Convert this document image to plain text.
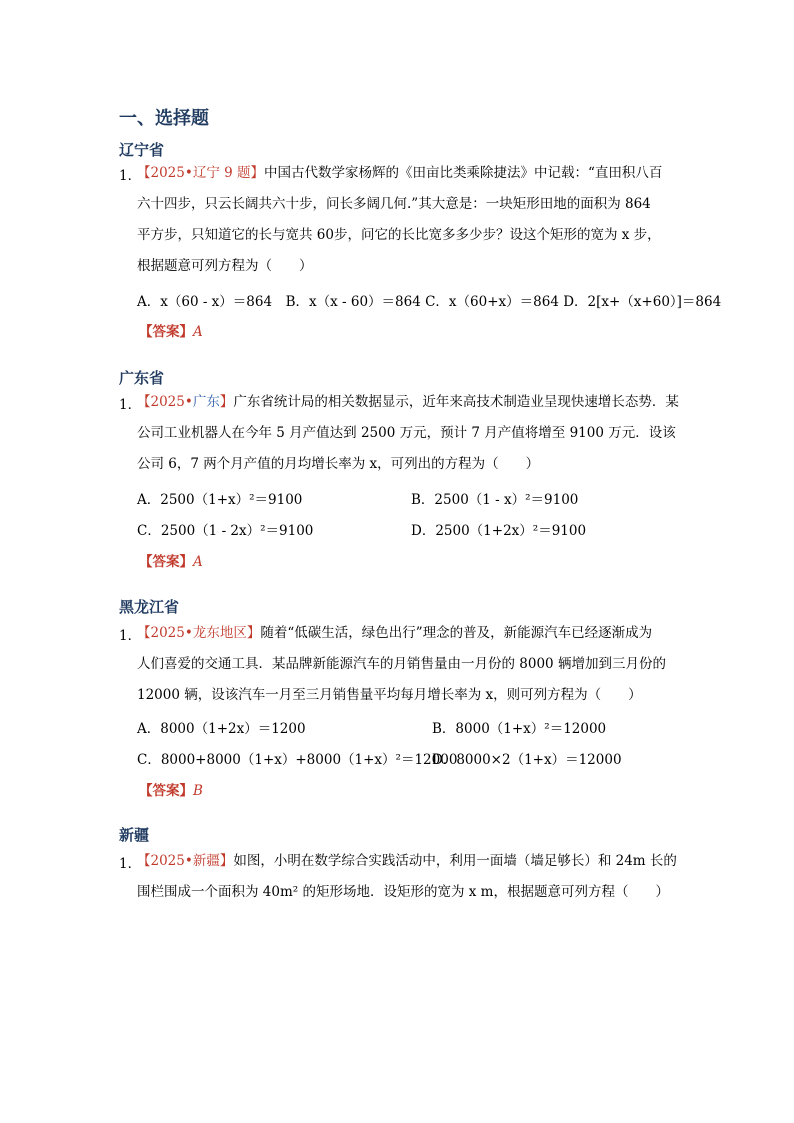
一、选择题
辽宁省
1．
【2025•辽宁 9 题】中国古代数学家杨辉的《田亩比类乘除捷法》中记载：“直田积八百
六十四步，只云长阔共六十步，问长多阔几何.”其大意是：一块矩形田地的面积为 864
平方步，只知道它的长与宽共 60步，问它的长比宽多多少步？设这个矩形的宽为 x 步，
根据题意可列方程为（　　）
A．x（60 - x）＝864　B．x（x - 60）＝864 C．x（60+x）＝864 D．2[x+（x+60）]＝864
【答案】A
广东省
1．
【2025•广东】广东省统计局的相关数据显示，近年来高技术制造业呈现快速增长态势．某
公司工业机器人在今年 5 月产值达到 2500 万元，预计 7 月产值将增至 9100 万元．设该
公司 6，7 两个月产值的月均增长率为 x，可列出的方程为（　　）
A．2500（1+x）²＝9100	B．2500（1 - x）²＝9100
C．2500（1 - 2x）²＝9100	D．2500（1+2x）²＝9100
【答案】A
黑龙江省
1．
【2025•龙东地区】随着“低碳生活，绿色出行”理念的普及，新能源汽车已经逐渐成为
人们喜爱的交通工具．某品牌新能源汽车的月销售量由一月份的 8000 辆增加到三月份的
12000 辆，设该汽车一月至三月销售量平均每月增长率为 x，则可列方程为（　　）
A．8000（1+2x）＝1200	B．8000（1+x）²＝12000
C．8000+8000（1+x）+8000（1+x）²＝12000
D．8000×2（1+x）＝12000
【答案】B
新疆
1．
【2025•新疆】如图，小明在数学综合实践活动中，利用一面墙（墙足够长）和 24m 长的
围栏围成一个面积为 40m² 的矩形场地．设矩形的宽为 x m，根据题意可列方程（　　）
